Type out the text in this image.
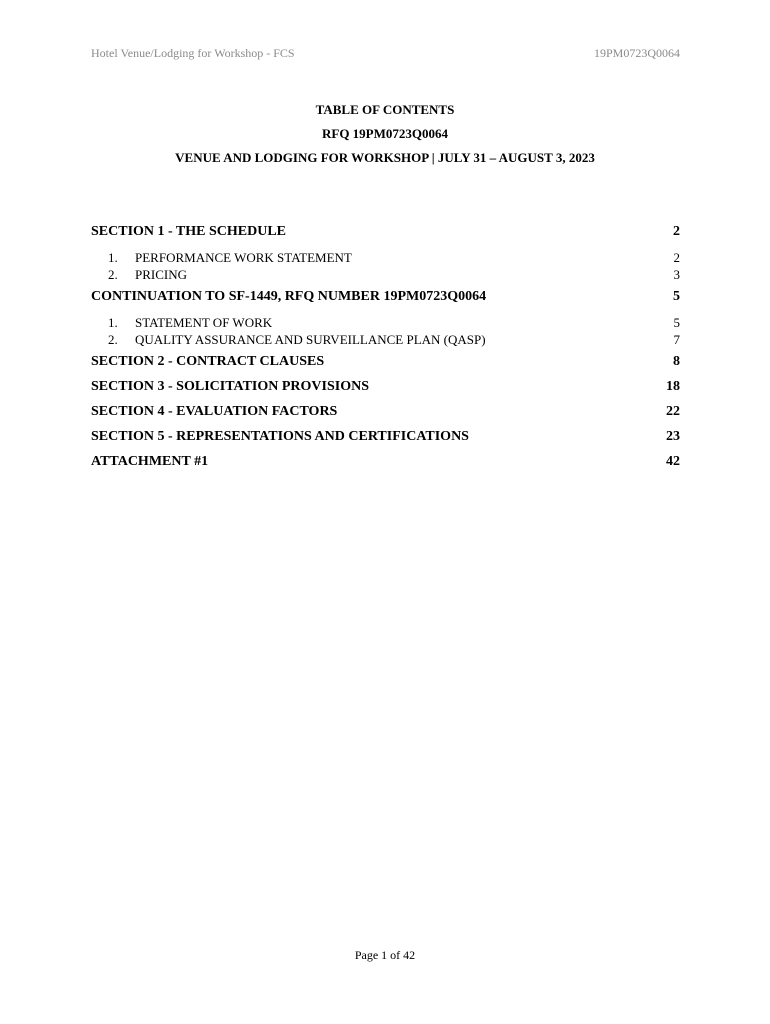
Hotel Venue/Lodging for Workshop - FCS	19PM0723Q0064
TABLE OF CONTENTS
RFQ 19PM0723Q0064
VENUE AND LODGING FOR WORKSHOP | JULY 31 – AUGUST 3, 2023
SECTION 1 - THE SCHEDULE	2
1.	PERFORMANCE WORK STATEMENT	2
2.	PRICING	3
CONTINUATION TO SF-1449, RFQ NUMBER 19PM0723Q0064	5
1.	STATEMENT OF WORK	5
2.	QUALITY ASSURANCE AND SURVEILLANCE PLAN (QASP)	7
SECTION 2 - CONTRACT CLAUSES	8
SECTION 3 - SOLICITATION PROVISIONS	18
SECTION 4 - EVALUATION FACTORS	22
SECTION 5 - REPRESENTATIONS AND CERTIFICATIONS	23
ATTACHMENT #1	42
Page 1 of 42
